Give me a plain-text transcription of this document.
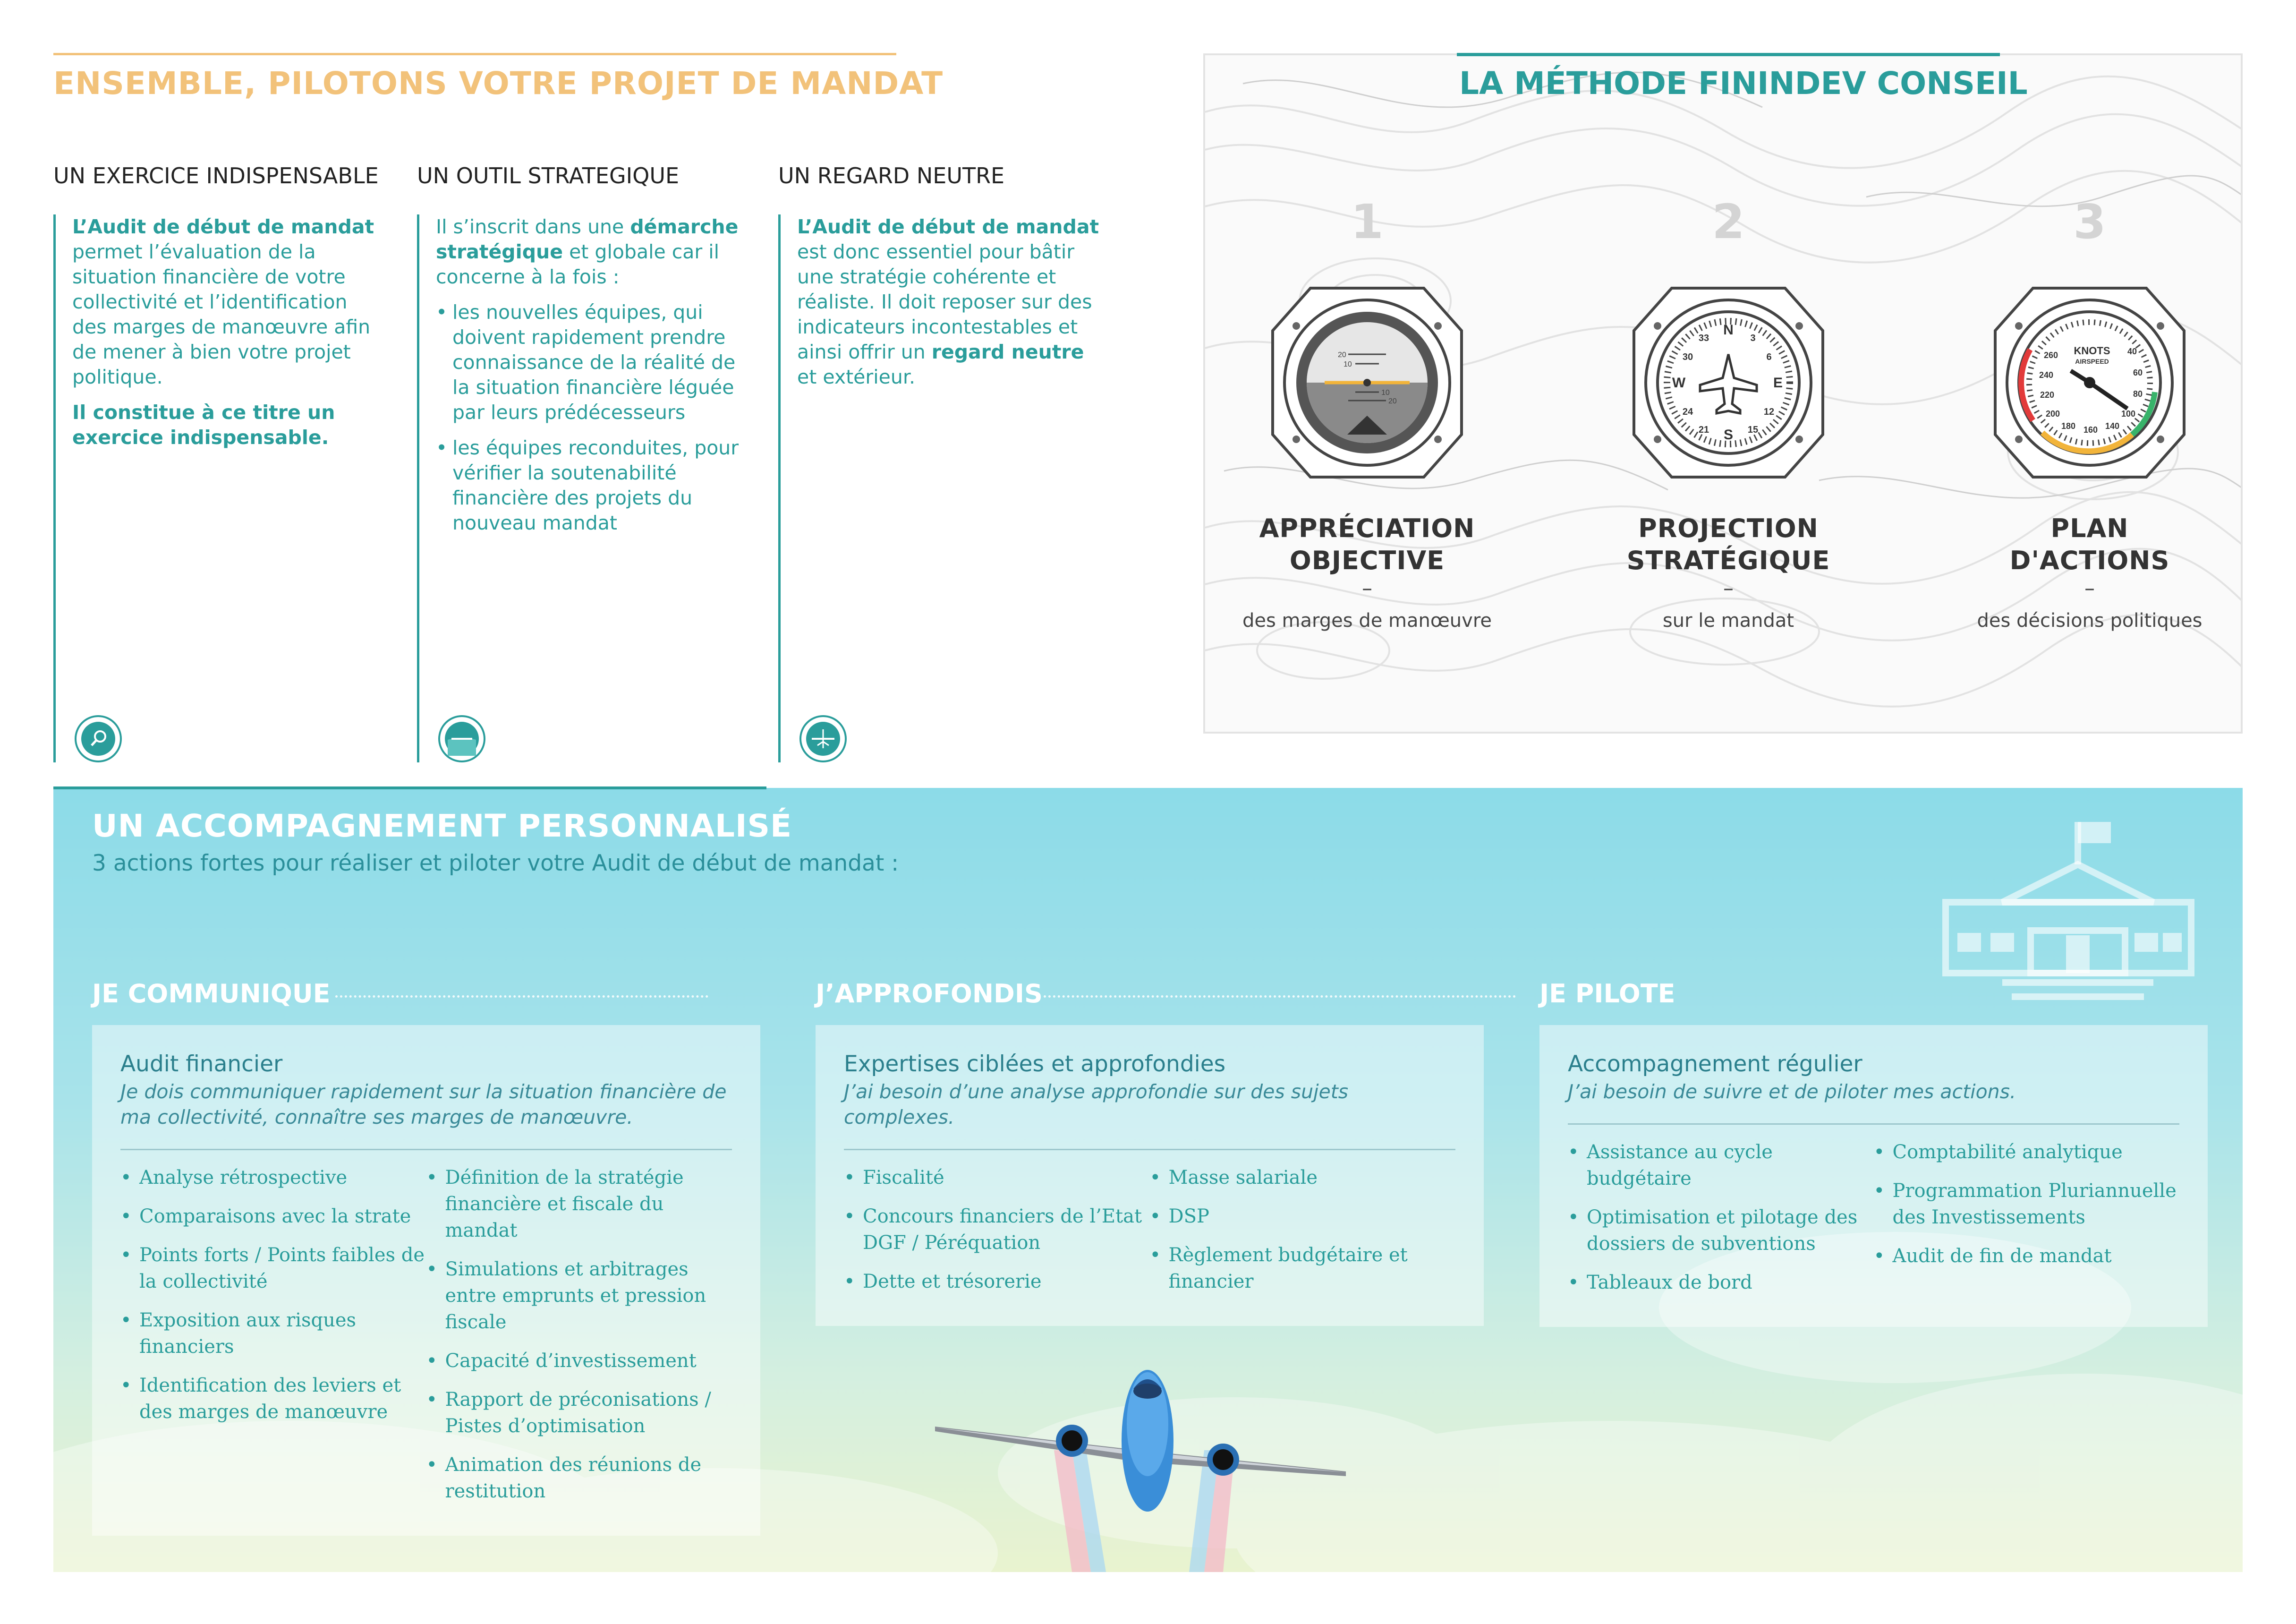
ENSEMBLE, PILOTONS VOTRE PROJET DE MANDAT
UN EXERCICE INDISPENSABLE

L’Audit de début de mandat permet l’évaluation de la situation financière de votre collectivité et l’identification des marges de manœuvre afin de mener à bien votre projet politique.

Il constitue à ce titre un exercice indispensable.

UN OUTIL STRATEGIQUE

Il s’inscrit dans une démarche stratégique et globale car il concerne à la fois :

• les nouvelles équipes, qui doivent rapidement prendre connaissance de la réalité de la situation financière léguée par leurs prédécesseurs
• les équipes reconduites, pour vérifier la soutenabilité financière des projets du nouveau mandat
UN REGARD NEUTRE

L’Audit de début de mandat est donc essentiel pour bâtir une stratégie cohérente et réaliste. Il doit reposer sur des indicateurs incontestables et ainsi offrir un regard neutre et extérieur.

LA MÉTHODE FININDEV CONSEIL
1
20
10
10
20
APPRÉCIATION
OBJECTIVE
–
des marges de manœuvre
2
N
E
S
W
33	3
6
12
15
21
24
30
PROJECTION
STRATÉGIQUE
–
sur le mandat
3
KNOTS
AIRSPEED
40
60
80
100
140
160
180
200
220
240
260
PLAN
D'ACTIONS
–
des décisions politiques
UN ACCOMPAGNEMENT PERSONNALISÉ
3 actions fortes pour réaliser et piloter votre Audit de début de mandat :
JE COMMUNIQUE

Audit financier

Je dois communiquer rapidement sur la situation financière de ma collectivité, connaître ses marges de manœuvre.

• Analyse rétrospective
• Comparaisons avec la strate
• Points forts / Points faibles de la collectivité
• Exposition aux risques financiers
• Identification des leviers et des marges de manœuvre
• Définition de la stratégie financière et fiscale du mandat
• Simulations et arbitrages entre emprunts et pression fiscale
• Capacité d’investissement
• Rapport de préconisations / Pistes d’optimisation
• Animation des réunions de restitution
J’APPROFONDIS

Expertises ciblées et approfondies

J’ai besoin d’une analyse approfondie sur des sujets complexes.

• Fiscalité
• Concours financiers de l’Etat DGF / Péréquation
• Dette et trésorerie
• Masse salariale
• DSP
• Règlement budgétaire et financier
JE PILOTE

Accompagnement régulier

J’ai besoin de suivre et de piloter mes actions.

• Assistance au cycle budgétaire
• Optimisation et pilotage des dossiers de subventions
• Tableaux de bord
• Comptabilité analytique
• Programmation Pluriannuelle des Investissements
• Audit de fin de mandat
